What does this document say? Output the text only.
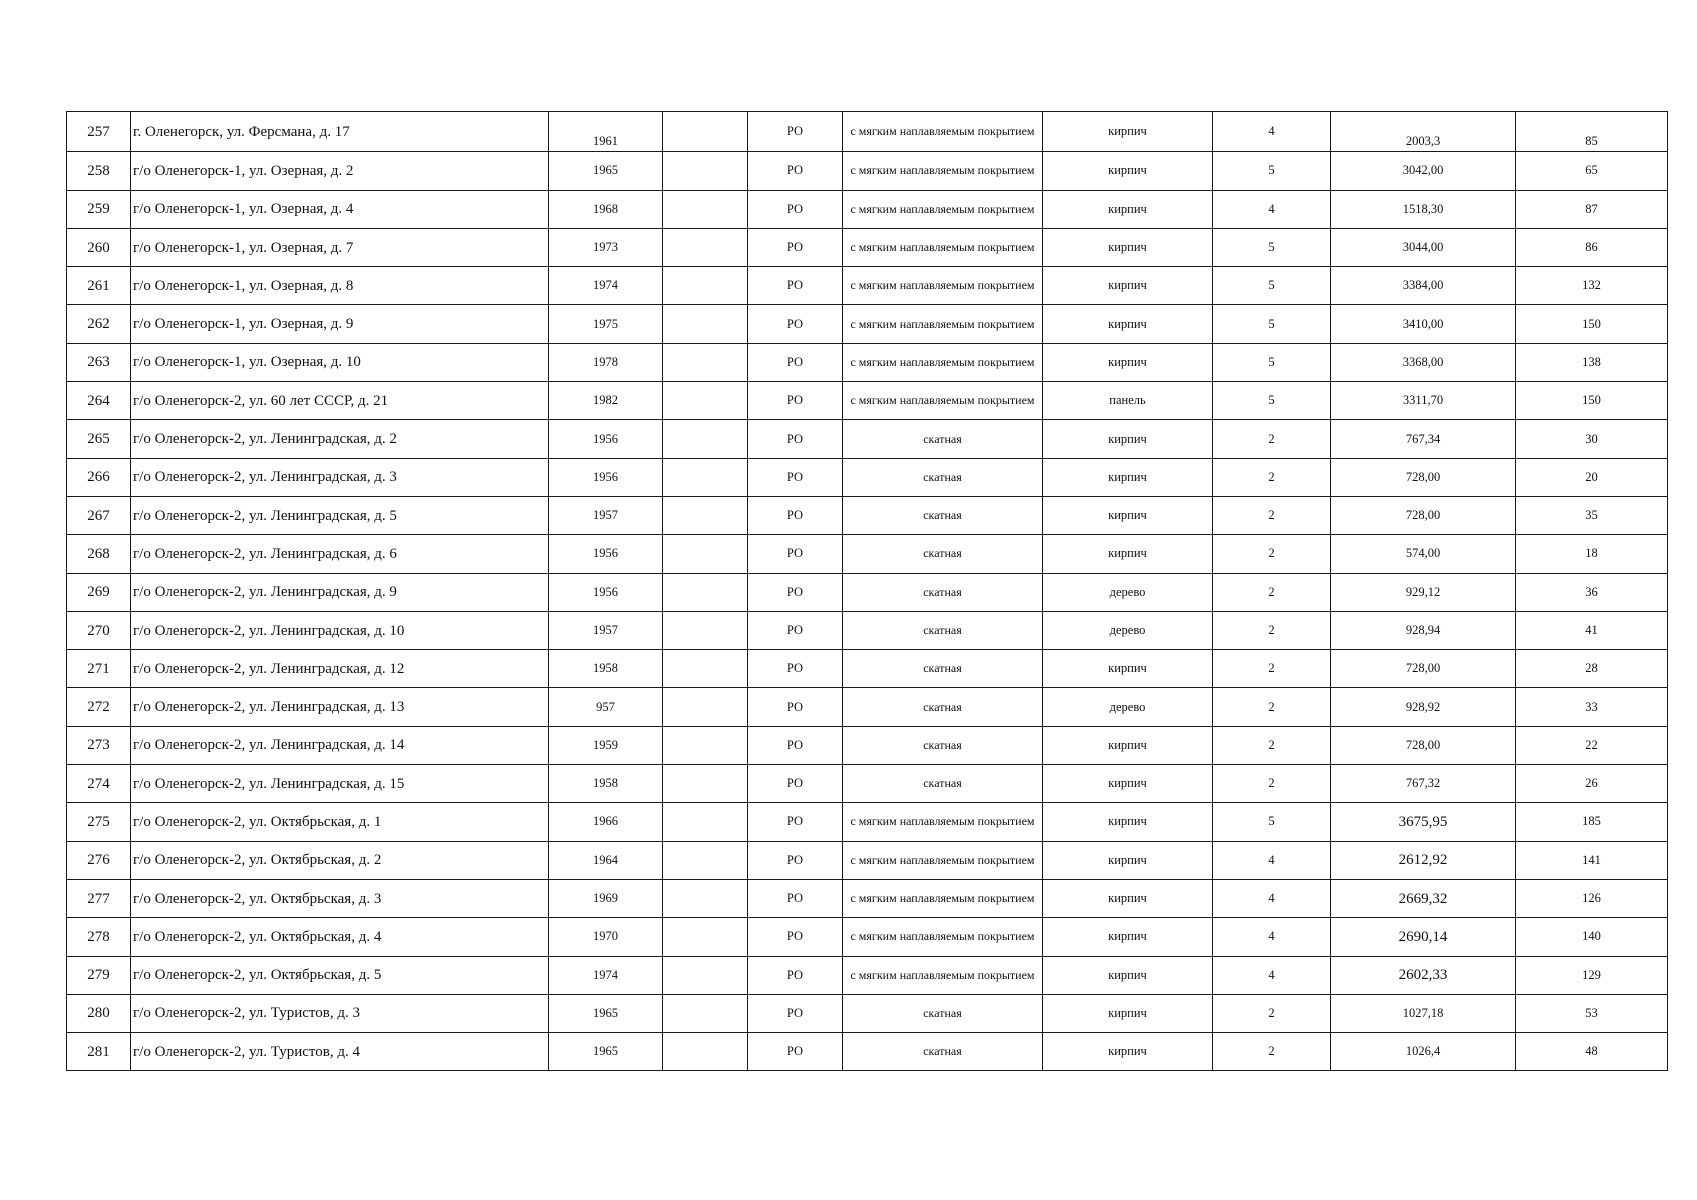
257	г. Оленегорск, ул. Ферсмана, д. 17	1961		РО	с мягким наплавляемым покрытием	кирпич	4	2003,3	85
258	г/о Оленегорск-1, ул. Озерная, д. 2	1965		РО	с мягким наплавляемым покрытием	кирпич	5	3042,00	65
259	г/о Оленегорск-1, ул. Озерная, д. 4	1968		РО	с мягким наплавляемым покрытием	кирпич	4	1518,30	87
260	г/о Оленегорск-1, ул. Озерная, д. 7	1973		РО	с мягким наплавляемым покрытием	кирпич	5	3044,00	86
261	г/о Оленегорск-1, ул. Озерная, д. 8	1974		РО	с мягким наплавляемым покрытием	кирпич	5	3384,00	132
262	г/о Оленегорск-1, ул. Озерная, д. 9	1975		РО	с мягким наплавляемым покрытием	кирпич	5	3410,00	150
263	г/о Оленегорск-1, ул. Озерная, д. 10	1978		РО	с мягким наплавляемым покрытием	кирпич	5	3368,00	138
264	г/о Оленегорск-2, ул. 60 лет СССР, д. 21	1982		РО	с мягким наплавляемым покрытием	панель	5	3311,70	150
265	г/о Оленегорск-2, ул. Ленинградская, д. 2	1956		РО	скатная	кирпич	2	767,34	30
266	г/о Оленегорск-2, ул. Ленинградская, д. 3	1956		РО	скатная	кирпич	2	728,00	20
267	г/о Оленегорск-2, ул. Ленинградская, д. 5	1957		РО	скатная	кирпич	2	728,00	35
268	г/о Оленегорск-2, ул. Ленинградская, д. 6	1956		РО	скатная	кирпич	2	574,00	18
269	г/о Оленегорск-2, ул. Ленинградская, д. 9	1956		РО	скатная	дерево	2	929,12	36
270	г/о Оленегорск-2, ул. Ленинградская, д. 10	1957		РО	скатная	дерево	2	928,94	41
271	г/о Оленегорск-2, ул. Ленинградская, д. 12	1958		РО	скатная	кирпич	2	728,00	28
272	г/о Оленегорск-2, ул. Ленинградская, д. 13	957		РО	скатная	дерево	2	928,92	33
273	г/о Оленегорск-2, ул. Ленинградская, д. 14	1959		РО	скатная	кирпич	2	728,00	22
274	г/о Оленегорск-2, ул. Ленинградская, д. 15	1958		РО	скатная	кирпич	2	767,32	26
275	г/о Оленегорск-2, ул. Октябрьская, д. 1	1966		РО	с мягким наплавляемым покрытием	кирпич	5	3675,95	185
276	г/о Оленегорск-2, ул. Октябрьская, д. 2	1964		РО	с мягким наплавляемым покрытием	кирпич	4	2612,92	141
277	г/о Оленегорск-2, ул. Октябрьская, д. 3	1969		РО	с мягким наплавляемым покрытием	кирпич	4	2669,32	126
278	г/о Оленегорск-2, ул. Октябрьская, д. 4	1970		РО	с мягким наплавляемым покрытием	кирпич	4	2690,14	140
279	г/о Оленегорск-2, ул. Октябрьская, д. 5	1974		РО	с мягким наплавляемым покрытием	кирпич	4	2602,33	129
280	г/о Оленегорск-2, ул. Туристов, д. 3	1965		РО	скатная	кирпич	2	1027,18	53
281	г/о Оленегорск-2, ул. Туристов, д. 4	1965		РО	скатная	кирпич	2	1026,4	48
